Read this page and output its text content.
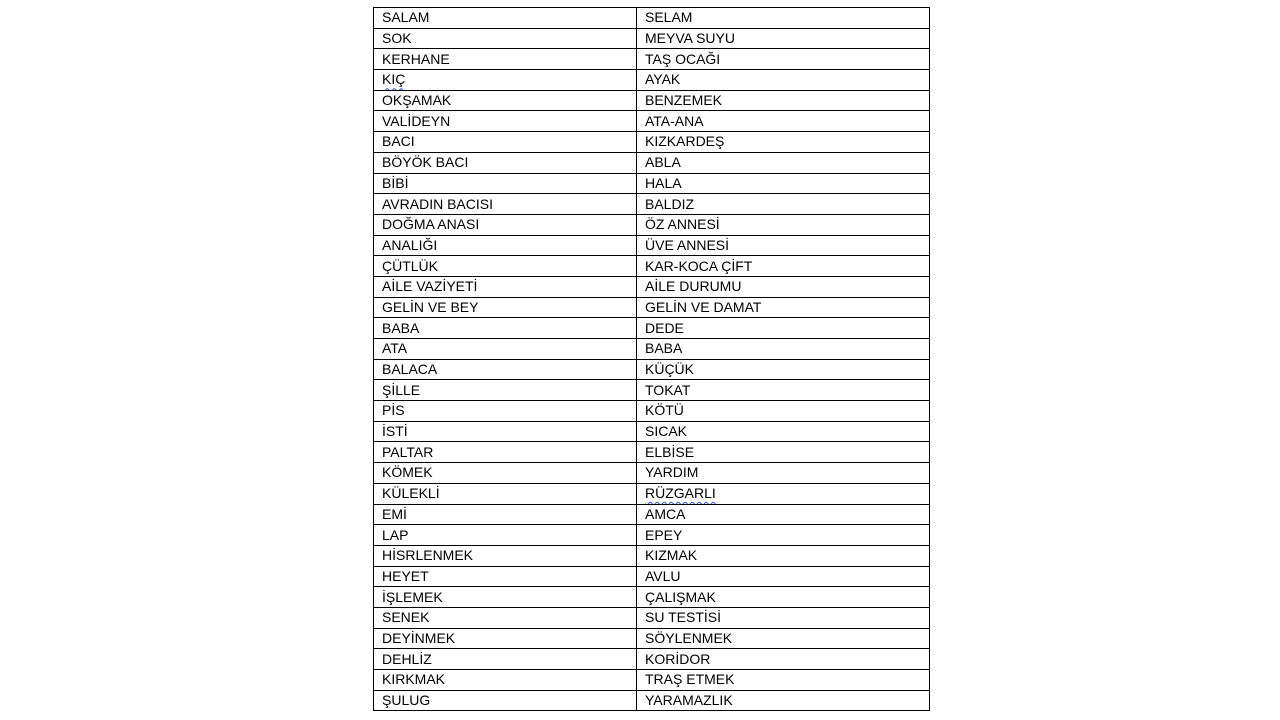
SALAM	SELAM
SOK	MEYVA SUYU
KERHANE	TAŞ OCAĞI
KIÇ	AYAK
OKŞAMAK	BENZEMEK
VALİDEYN	ATA-ANA
BACI	KIZKARDEŞ
BÖYÖK BACI	ABLA
BİBİ	HALA
AVRADIN BACISI	BALDIZ
DOĞMA ANASI	ÖZ ANNESİ
ANALIĞI	ÜVE ANNESİ
ÇÜTLÜK	KAR-KOCA ÇİFT
AİLE VAZİYETİ	AİLE DURUMU
GELİN VE BEY	GELİN VE DAMAT
BABA	DEDE
ATA	BABA
BALACA	KÜÇÜK
ŞİLLE	TOKAT
PİS	KÖTÜ
İSTİ	SICAK
PALTAR	ELBİSE
KÖMEK	YARDIM
KÜLEKLİ	RÜZGARLI
EMİ	AMCA
LAP	EPEY
HİSRLENMEK	KIZMAK
HEYET	AVLU
İŞLEMEK	ÇALIŞMAK
SENEK	SU TESTİSİ
DEYİNMEK	SÖYLENMEK
DEHLİZ	KORİDOR
KIRKMAK	TRAŞ ETMEK
ŞULUG	YARAMAZLIK
